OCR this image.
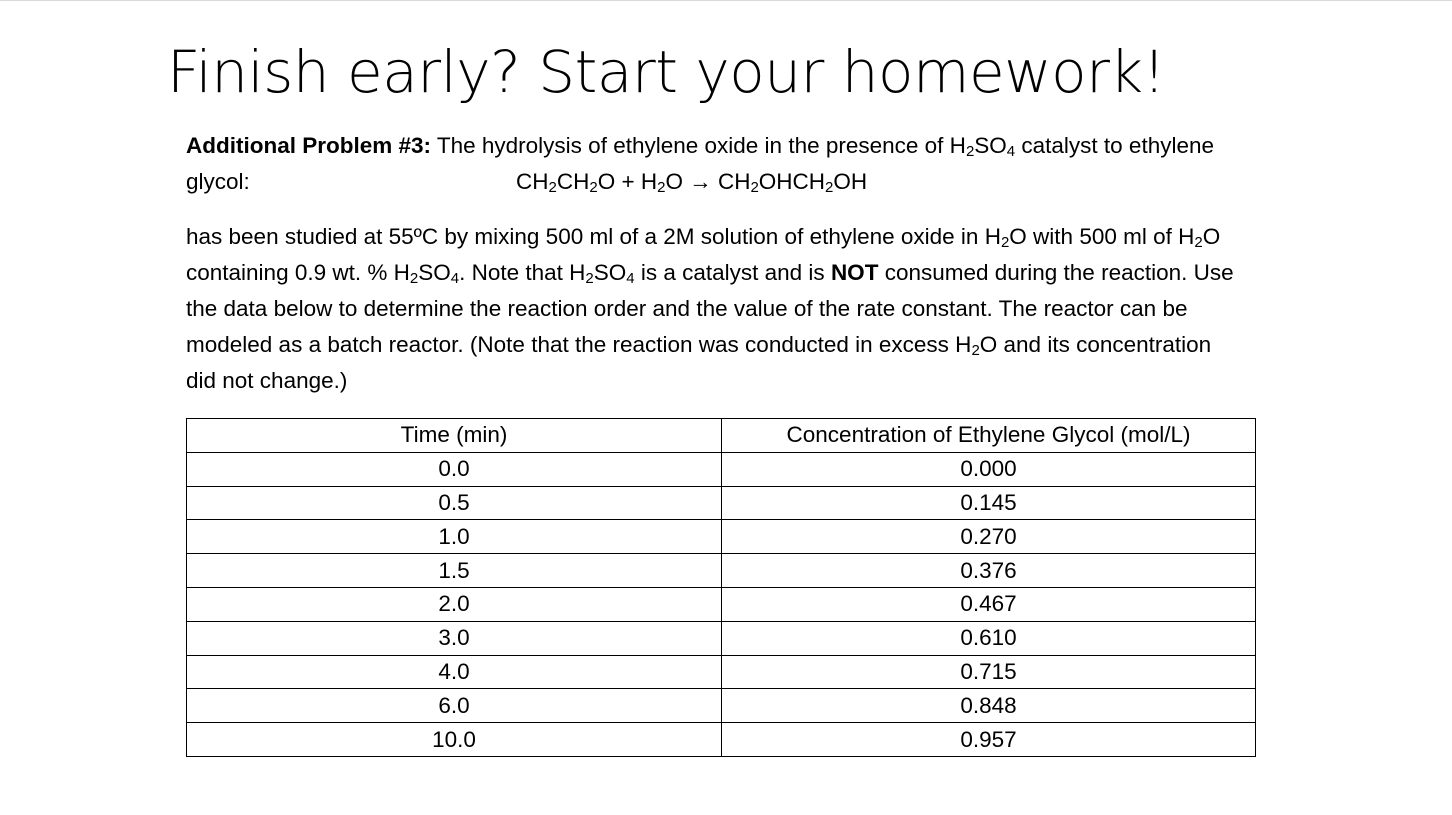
Finish early? Start your homework!

Additional Problem #3: The hydrolysis of ethylene oxide in the presence of $H_2SO_4$ catalyst to ethylene glycol:	$CH_2CH_2O + H_2O$ → $CH_2OHCH_2OH$

has been studied at 55ºC by mixing 500 ml of a 2M solution of ethylene oxide in $H_2O$ with 500 ml of $H_2O$ containing 0.9 wt. % $H_2SO_4$. Note that $H_2SO_4$ is a catalyst and is NOT consumed during the reaction. Use the data below to determine the reaction order and the value of the rate constant. The reactor can be modeled as a batch reactor. (Note that the reaction was conducted in excess $H_2O$ and its concentration did not change.)

Time (min)	Concentration of Ethylene Glycol (mol/L)
0.0	0.000
0.5	0.145
1.0	0.270
1.5	0.376
2.0	0.467
3.0	0.610
4.0	0.715
6.0	0.848
10.0	0.957
